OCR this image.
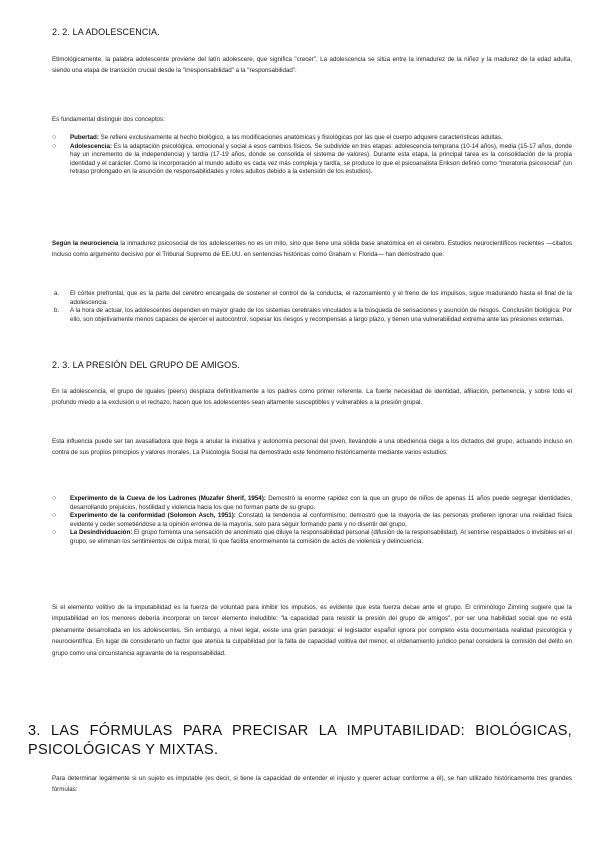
2. 2. LA ADOLESCENCIA.
Etimológicamente, la palabra adolescente proviene del latín adolescere, que significa "crecer". La adolescencia se sitúa entre la inmadurez de la niñez y la madurez de la edad adulta, siendo una etapa de transición crucial desde la "irresponsabilidad" a la "responsabilidad".
Es fundamental distinguir dos conceptos:
○ Pubertad: Se refiere exclusivamente al hecho biológico, a las modificaciones anatómicas y fisiológicas por las que el cuerpo adquiere características adultas.
○ Adolescencia: Es la adaptación psicológica, emocional y social a esos cambios físicos. Se subdivide en tres etapas: adolescencia temprana (10-14 años), media (15-17 años, donde hay un incremento de la independencia) y tardía (17-19 años, donde se consolida el sistema de valores). Durante esta etapa, la principal tarea es la consolidación de la propia identidad y el carácter. Como la incorporación al mundo adulto es cada vez más compleja y tardía, se produce lo que el psicoanalista Erikson definió como "moratoria psicosocial" (un retraso prolongado en la asunción de responsabilidades y roles adultos debido a la extensión de los estudios).
Según la neurociencia la inmadurez psicosocial de los adolescentes no es un mito, sino que tiene una sólida base anatómica en el cerebro. Estudios neurocientíficos recientes —citados incluso como argumento decisivo por el Tribunal Supremo de EE.UU. en sentencias históricas como Graham v. Florida— han demostrado que:
a. El córtex prefrontal, que es la parte del cerebro encargada de sostener el control de la conducta, el razonamiento y el freno de los impulsos, sigue madurando hasta el final de la adolescencia.
b. A la hora de actuar, los adolescentes dependen en mayor grado de los sistemas cerebrales vinculados a la búsqueda de sensaciones y asunción de riesgos. Conclusión biológica: Por ello, son objetivamente menos capaces de ejercer el autocontrol, sopesar los riesgos y recompensas a largo plazo, y tienen una vulnerabilidad extrema ante las presiones externas.
2. 3. LA PRESIÓN DEL GRUPO DE AMIGOS.
En la adolescencia, el grupo de iguales (peers) desplaza definitivamente a los padres como primer referente. La fuerte necesidad de identidad, afiliación, pertenencia, y sobre todo el profundo miedo a la exclusión o el rechazo, hacen que los adolescentes sean altamente susceptibles y vulnerables a la presión grupal.
Esta influencia puede ser tan avasalladora que llega a anular la iniciativa y autonomía personal del joven, llevándole a una obediencia ciega a los dictados del grupo, actuando incluso en contra de sus propios principios y valores morales. La Psicología Social ha demostrado este fenómeno históricamente mediante varios estudios:
○ Experimento de la Cueva de los Ladrones (Muzafer Sherif, 1954): Demostró la enorme rapidez con la que un grupo de niños de apenas 11 años puede segregar identidades, desarrollando prejuicios, hostilidad y violencia hacia los que no forman parte de su grupo.
○ Experimento de la conformidad (Solomon Asch, 1951): Constató la tendencia al conformismo; demostró que la mayoría de las personas prefieren ignorar una realidad física evidente y ceder sometiéndose a la opinión errónea de la mayoría, solo para seguir formando parte y no disentir del grupo.
○ La Desindividuación: El grupo fomenta una sensación de anonimato que diluye la responsabilidad personal (difusión de la responsabilidad). Al sentirse respaldados o invisibles en el grupo, se eliminan los sentimientos de culpa moral, lo que facilita enormemente la comisión de actos de violencia y delincuencia.
Si el elemento volitivo de la imputabilidad es la fuerza de voluntad para inhibir los impulsos, es evidente que esta fuerza decae ante el grupo. El criminólogo Zimring sugiere que la imputabilidad en los menores debería incorporar un tercer elemento ineludible: "la capacidad para resistir la presión del grupo de amigos", por ser una habilidad social que no está plenamente desarrollada en los adolescentes. Sin embargo, a nivel legal, existe una gran paradoja: el legislador español ignora por completo esta documentada realidad psicológica y neurocientífica. En lugar de considerarlo un factor que atenúa la culpabilidad por la falta de capacidad volitiva del menor, el ordenamiento jurídico penal considera la comisión del delito en grupo como una circunstancia agravante de la responsabilidad.
3. LAS FÓRMULAS PARA PRECISAR LA IMPUTABILIDAD: BIOLÓGICAS, PSICOLÓGICAS Y MIXTAS.
Para determinar legalmente si un sujeto es imputable (es decir, si tiene la capacidad de entender el injusto y querer actuar conforme a él), se han utilizado históricamente tres grandes fórmulas:
